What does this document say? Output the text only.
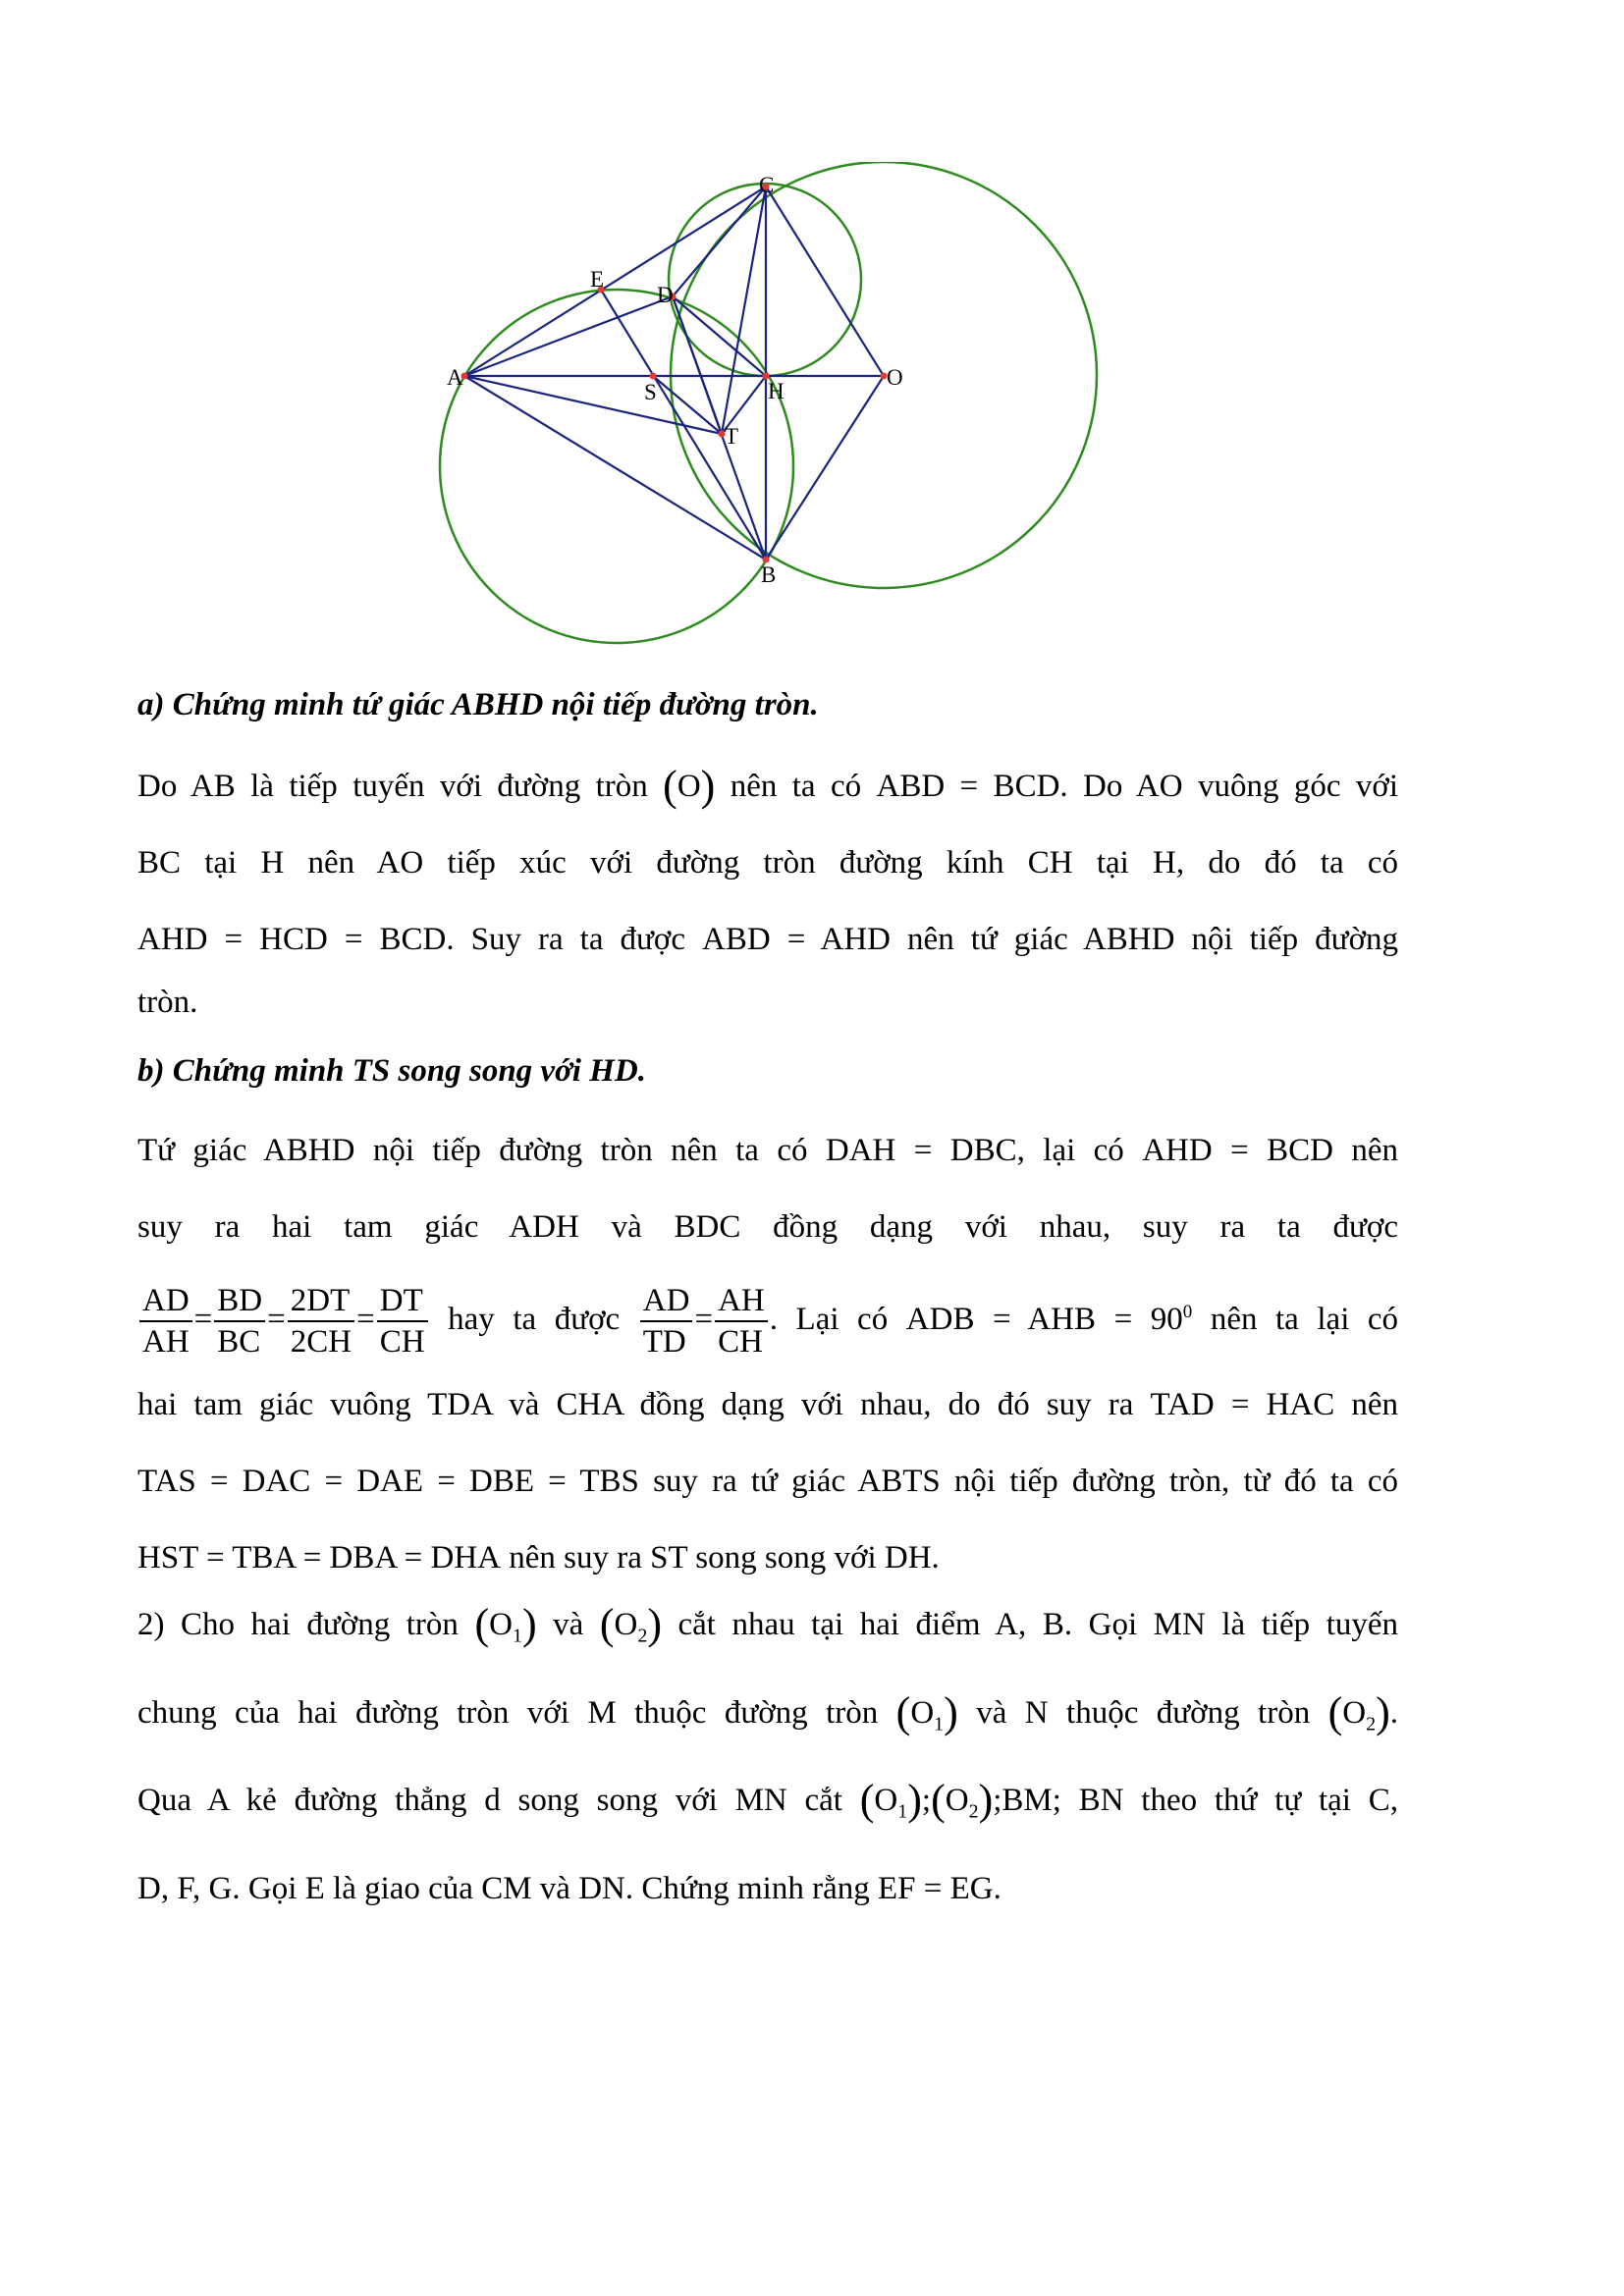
A
B
C
D
E
H
O
S
T
a) Chứng minh tứ giác ABHD nội tiếp đường tròn.
Do AB là tiếp tuyến với đường tròn (O) nên ta có ABD = BCD. Do AO vuông góc với
BC tại H nên AO tiếp xúc với đường tròn đường kính CH tại H, do đó ta có
AHD = HCD = BCD. Suy ra ta được ABD = AHD nên tứ giác ABHD nội tiếp đường
tròn.
b) Chứng minh TS song song với HD.
Tứ giác ABHD nội tiếp đường tròn nên ta có DAH = DBC, lại có AHD = BCD nên
suy ra hai tam giác ADH và BDC đồng dạng với nhau, suy ra ta được
$\frac{AD}{AH} = \frac{BD}{BC} = \frac{2DT}{2CH} = \frac{DT}{CH}$ hay ta được $\frac{AD}{TD} = \frac{AH}{CH}$ . Lại có ADB = AHB = $90^0$ nên ta lại có
hai tam giác vuông TDA và CHA đồng dạng với nhau, do đó suy ra TAD = HAC nên
TAS = DAC = DAE = DBE = TBS suy ra tứ giác ABTS nội tiếp đường tròn, từ đó ta có
HST = TBA = DBA = DHA nên suy ra ST song song với DH.
2) Cho hai đường tròn $(O_1)$ và $(O_2)$ cắt nhau tại hai điểm A, B. Gọi MN là tiếp tuyến
chung của hai đường tròn với M thuộc đường tròn $(O_1)$ và N thuộc đường tròn $(O_2)$.
Qua A kẻ đường thẳng d song song với MN cắt $(O_1);(O_2);BM$; BN theo thứ tự tại C,
D, F, G. Gọi E là giao của CM và DN. Chứng minh rằng EF = EG.
